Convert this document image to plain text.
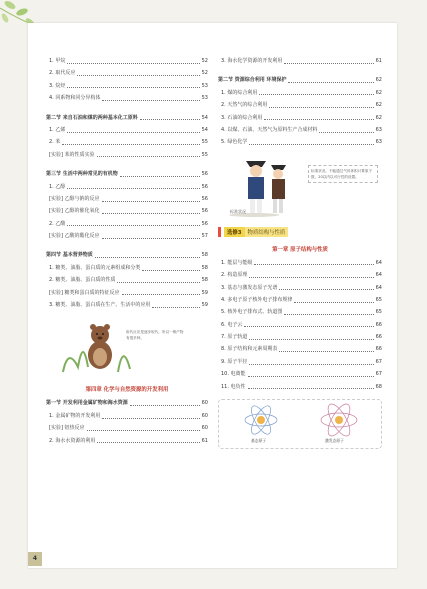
1. 甲烷	52
2. 取代反应	52
3. 烷烃	53
4. 同系物和同分异构体	53
第二节 来自石油和煤的两种基本化工原料	54
1. 乙烯	54
2. 苯	55
[实验] 苯的性质实验	55
第三节 生活中两种常见的有机物	56
1. 乙醇	56
[实验] 乙醇与钠的反应	56
[实验] 乙醇的催化氧化	56
2. 乙酸	56
[实验] 乙酸的酯化反应	57
第四节 基本营养物质	58
1. 糖类、油脂、蛋白质的元素组成和分类	58
2. 糖类、油脂、蛋白质的性质	58
[实验] 糖类和蛋白质的特征反应	59
3. 糖类、油脂、蛋白质在生产、生活中的应用	59
取代反应是逐步取代，所以一般产物有很多种。
第四章 化学与自然资源的开发利用
第一节 开发利用金属矿物和海水资源	60
1. 金属矿物的开发利用	60
[实验] 铝热反应	60
2. 海水水资源的利用	61
3. 海水化学资源的开发利用	61
第二节 资源综合利用 环境保护	62
1. 煤的综合利用	62
2. 天然气的综合利用	62
3. 石油的综合利用	62
4. 以煤、石油、天然气为原料生产合成材料	63
5. 绿色化学	63
标准状况
标准状况，不能通过气体体积计算原子数，20以内以可行性的设置。
选修3	物质结构与性质
第一章 原子结构与性质
1. 能层与能级	64
2. 构造原理	64
3. 基态与激发态原子光谱	64
4. 多电子原子核外电子排布规律	65
5. 核外电子排布式、轨道图	65
6. 电子云	66
7. 原子轨道	66
8. 原子结构和元素周期表	66
9. 原子半径	67
10. 电离能	67
11. 电负性	68
基态原子	激发态原子
4
